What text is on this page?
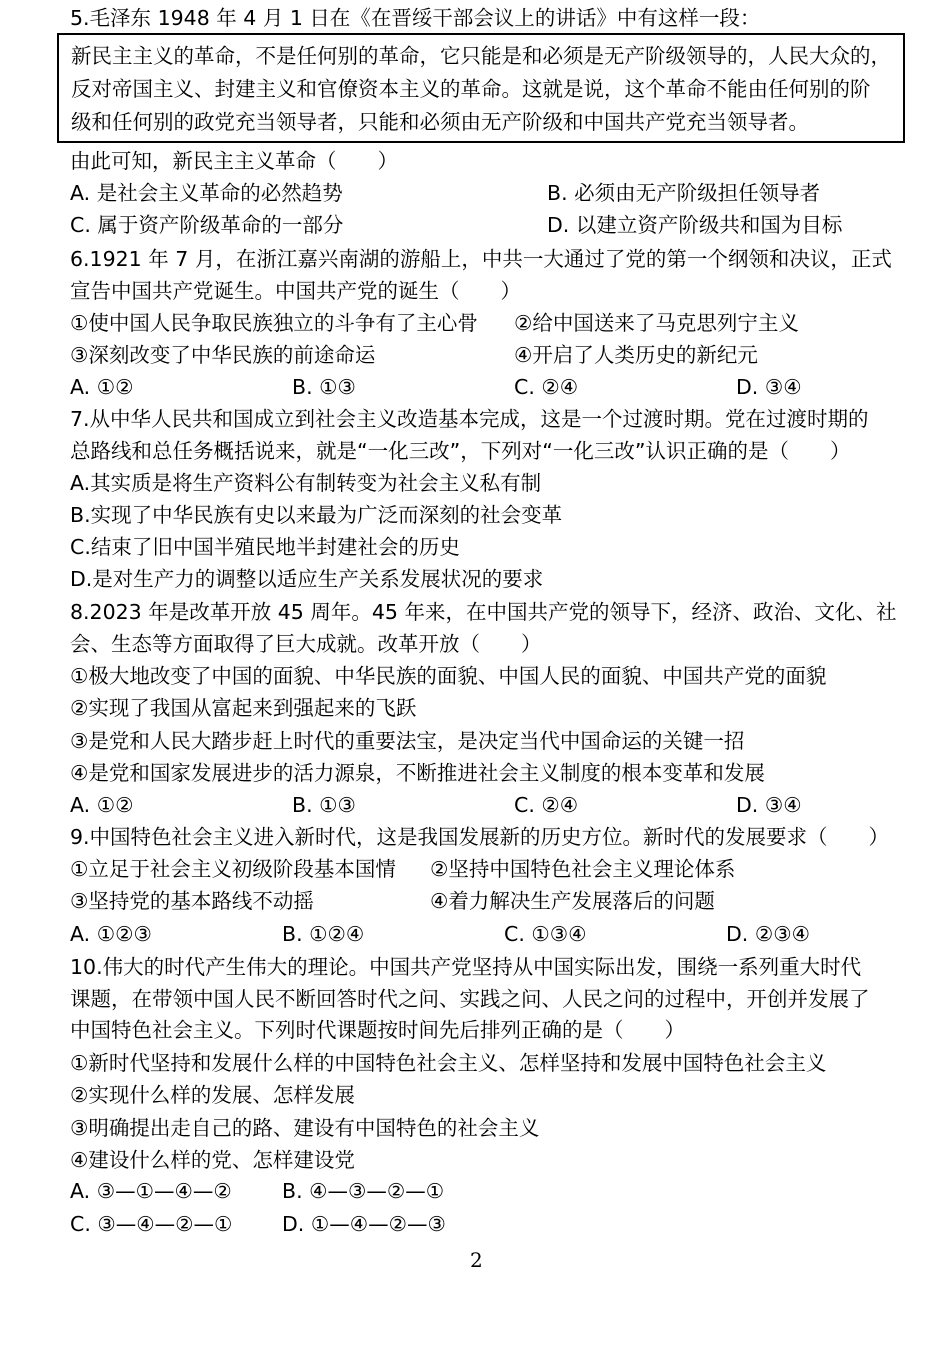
5.毛泽东 1948 年 4 月 1 日在《在晋绥干部会议上的讲话》中有这样一段：
新民主主义的革命，不是任何别的革命，它只能是和必须是无产阶级领导的，人民大众的，
反对帝国主义、封建主义和官僚资本主义的革命。这就是说，这个革命不能由任何别的阶
级和任何别的政党充当领导者，只能和必须由无产阶级和中国共产党充当领导者。
由此可知，新民主主义革命（　　）
A. 是社会主义革命的必然趋势	B. 必须由无产阶级担任领导者
C. 属于资产阶级革命的一部分	D. 以建立资产阶级共和国为目标
6.1921 年 7 月，在浙江嘉兴南湖的游船上，中共一大通过了党的第一个纲领和决议，正式
宣告中国共产党诞生。中国共产党的诞生（　　）
①使中国人民争取民族独立的斗争有了主心骨 ②给中国送来了马克思列宁主义
③深刻改变了中华民族的前途命运	④开启了人类历史的新纪元
A. ①②	B. ①③	C. ②④	D. ③④
7.从中华人民共和国成立到社会主义改造基本完成，这是一个过渡时期。党在过渡时期的
总路线和总任务概括说来，就是“一化三改”，下列对“一化三改”认识正确的是（　　）
A.其实质是将生产资料公有制转变为社会主义私有制
B.实现了中华民族有史以来最为广泛而深刻的社会变革
C.结束了旧中国半殖民地半封建社会的历史
D.是对生产力的调整以适应生产关系发展状况的要求
8.2023 年是改革开放 45 周年。45 年来，在中国共产党的领导下，经济、政治、文化、社
会、生态等方面取得了巨大成就。改革开放（　　）
①极大地改变了中国的面貌、中华民族的面貌、中国人民的面貌、中国共产党的面貌
②实现了我国从富起来到强起来的飞跃
③是党和人民大踏步赶上时代的重要法宝，是决定当代中国命运的关键一招
④是党和国家发展进步的活力源泉，不断推进社会主义制度的根本变革和发展
A. ①②	B. ①③	C. ②④	D. ③④
9.中国特色社会主义进入新时代，这是我国发展新的历史方位。新时代的发展要求（　　）
①立足于社会主义初级阶段基本国情 ②坚持中国特色社会主义理论体系
③坚持党的基本路线不动摇	④着力解决生产发展落后的问题
A. ①②③	B. ①②④	C. ①③④	D. ②③④
10.伟大的时代产生伟大的理论。中国共产党坚持从中国实际出发，围绕一系列重大时代
课题，在带领中国人民不断回答时代之问、实践之问、人民之问的过程中，开创并发展了
中国特色社会主义。下列时代课题按时间先后排列正确的是（　　）
①新时代坚持和发展什么样的中国特色社会主义、怎样坚持和发展中国特色社会主义
②实现什么样的发展、怎样发展
③明确提出走自己的路、建设有中国特色的社会主义
④建设什么样的党、怎样建设党
A. ③—①—④—② B. ④—③—②—①
C. ③—④—②—① D. ①—④—②—③
2
